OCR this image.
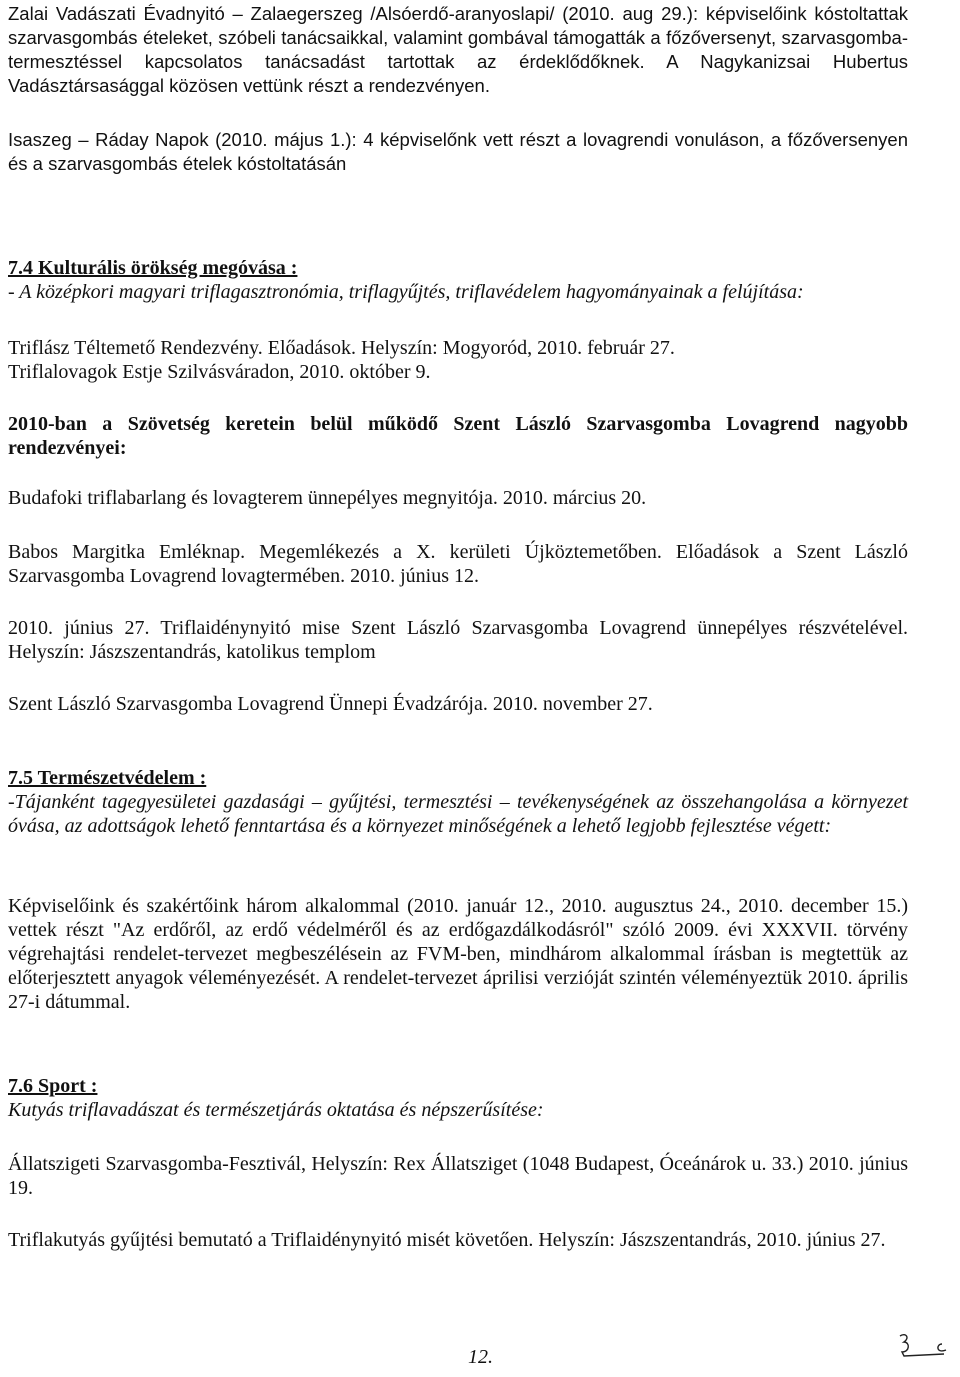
Zalai Vadászati Évadnyitó – Zalaegerszeg /Alsóerdő-aranyoslapi/ (2010. aug 29.): képviselőink kóstoltattak szarvasgombás ételeket, szóbeli tanácsaikkal, valamint gombával támogatták a főzőversenyt, szarvasgomba-termesztéssel kapcsolatos tanácsadást tartottak az érdeklődőknek. A Nagykanizsai Hubertus Vadásztársasággal közösen vettünk részt a rendezvényen.

Isaszeg – Ráday Napok (2010. május 1.): 4 képviselőnk vett részt a lovagrendi vonuláson, a főzőversenyen és a szarvasgombás ételek kóstoltatásán

7.4 Kulturális örökség megóvása :
- A középkori magyari triflagasztronómia, triflagyűjtés, triflavédelem hagyományainak a felújítása:
Triflász Téltemető Rendezvény. Előadások. Helyszín: Mogyoród, 2010. február 27.
Triflalovagok Estje Szilvásváradon, 2010. október 9.

2010-ban a Szövetség keretein belül működő Szent László Szarvasgomba Lovagrend nagyobb rendezvényei:

Budafoki triflabarlang és lovagterem ünnepélyes megnyitója. 2010. március 20.

Babos Margitka Emléknap. Megemlékezés a X. kerületi Újköztemetőben. Előadások a Szent László Szarvasgomba Lovagrend lovagtermében. 2010. június 12.

2010. június 27. Triflaidénynyitó mise Szent László Szarvasgomba Lovagrend ünnepélyes részvételével. Helyszín: Jászszentandrás, katolikus templom

Szent László Szarvasgomba Lovagrend Ünnepi Évadzárója. 2010. november 27.

7.5 Természetvédelem :

-Tájanként tagegyesületei gazdasági – gyűjtési, termesztési – tevékenységének az összehangolása a környezet óvása, az adottságok lehető fenntartása és a környezet minőségének a lehető legjobb fejlesztése végett:

Képviselőink és szakértőink három alkalommal (2010. január 12., 2010. augusztus 24., 2010. december 15.) vettek részt "Az erdőről, az erdő védelméről és az erdőgazdálkodásról" szóló 2009. évi XXXVII. törvény végrehajtási rendelet-tervezet megbeszélésein az FVM-ben, mindhárom alkalommal írásban is megtettük az előterjesztett anyagok véleményezését. A rendelet-tervezet áprilisi verzióját szintén véleményeztük 2010. április 27-i dátummal.

7.6 Sport :
Kutyás triflavadászat és természetjárás oktatása és népszerűsítése:

Állatszigeti Szarvasgomba-Fesztivál, Helyszín: Rex Állatsziget (1048 Budapest, Óceánárok u. 33.) 2010. június 19.

Triflakutyás gyűjtési bemutató a Triflaidénynyitó misét követően. Helyszín: Jászszentandrás, 2010. június 27.

12.
